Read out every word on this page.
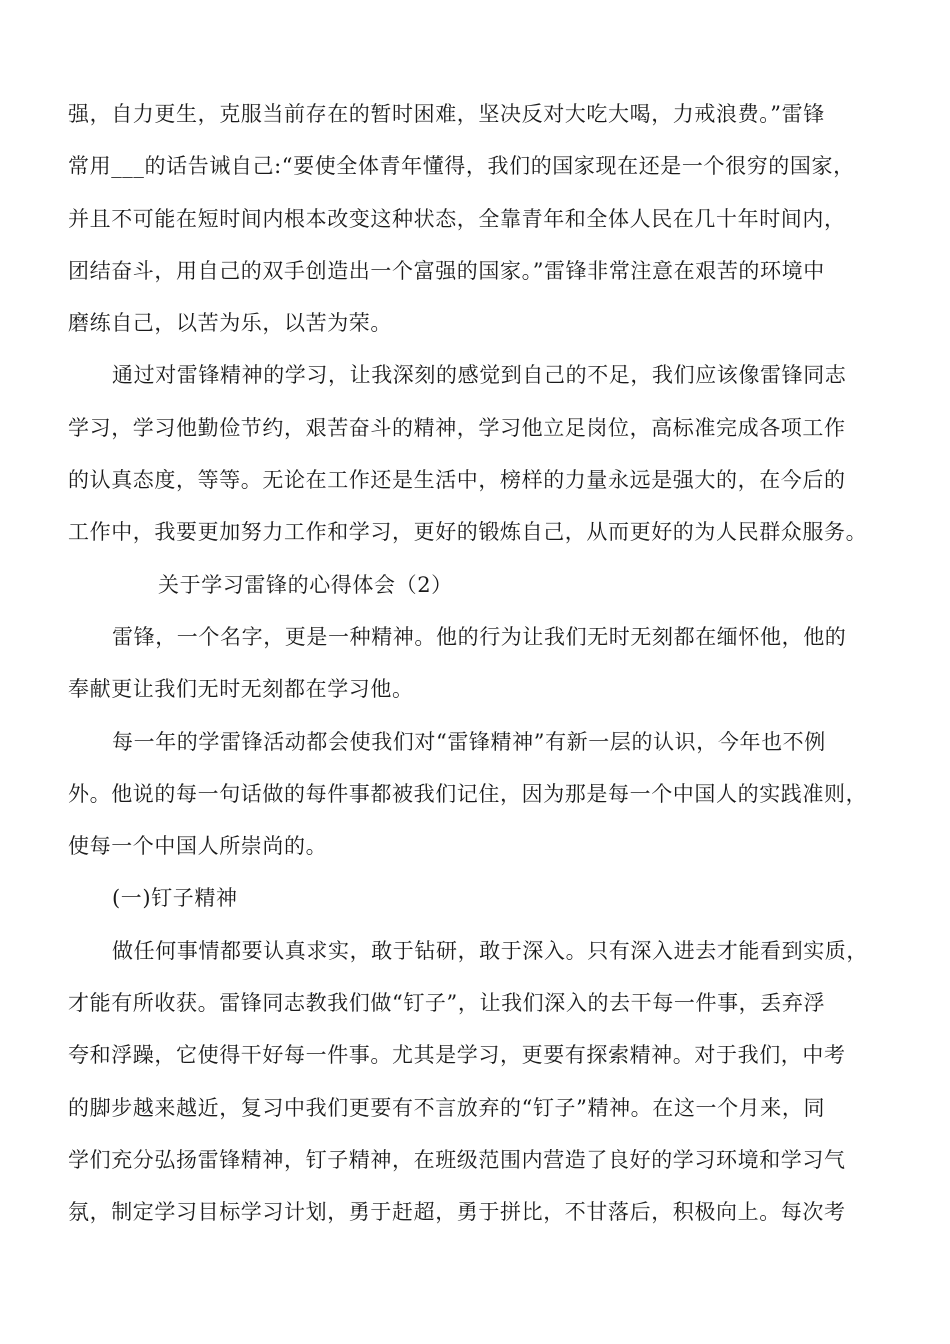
强，自力更生，克服当前存在的暂时困难，坚决反对大吃大喝，力戒浪费。”雷锋
常用___的话告诫自己:“要使全体青年懂得，我们的国家现在还是一个很穷的国家，
并且不可能在短时间内根本改变这种状态，全靠青年和全体人民在几十年时间内，
团结奋斗，用自己的双手创造出一个富强的国家。”雷锋非常注意在艰苦的环境中
磨练自己，以苦为乐，以苦为荣。
通过对雷锋精神的学习，让我深刻的感觉到自己的不足，我们应该像雷锋同志
学习，学习他勤俭节约，艰苦奋斗的精神，学习他立足岗位，高标准完成各项工作
的认真态度，等等。无论在工作还是生活中，榜样的力量永远是强大的，在今后的
工作中，我要更加努力工作和学习，更好的锻炼自己，从而更好的为人民群众服务。
关于学习雷锋的心得体会（2）
雷锋，一个名字，更是一种精神。他的行为让我们无时无刻都在缅怀他，他的
奉献更让我们无时无刻都在学习他。
每一年的学雷锋活动都会使我们对“雷锋精神”有新一层的认识，今年也不例
外。他说的每一句话做的每件事都被我们记住，因为那是每一个中国人的实践准则，
使每一个中国人所崇尚的。
(一)钉子精神
做任何事情都要认真求实，敢于钻研，敢于深入。只有深入进去才能看到实质，
才能有所收获。雷锋同志教我们做“钉子”，让我们深入的去干每一件事，丢弃浮
夸和浮躁，它使得干好每一件事。尤其是学习，更要有探索精神。对于我们，中考
的脚步越来越近，复习中我们更要有不言放弃的“钉子”精神。在这一个月来，同
学们充分弘扬雷锋精神，钉子精神，在班级范围内营造了良好的学习环境和学习气
氛，制定学习目标学习计划，勇于赶超，勇于拼比，不甘落后，积极向上。每次考
